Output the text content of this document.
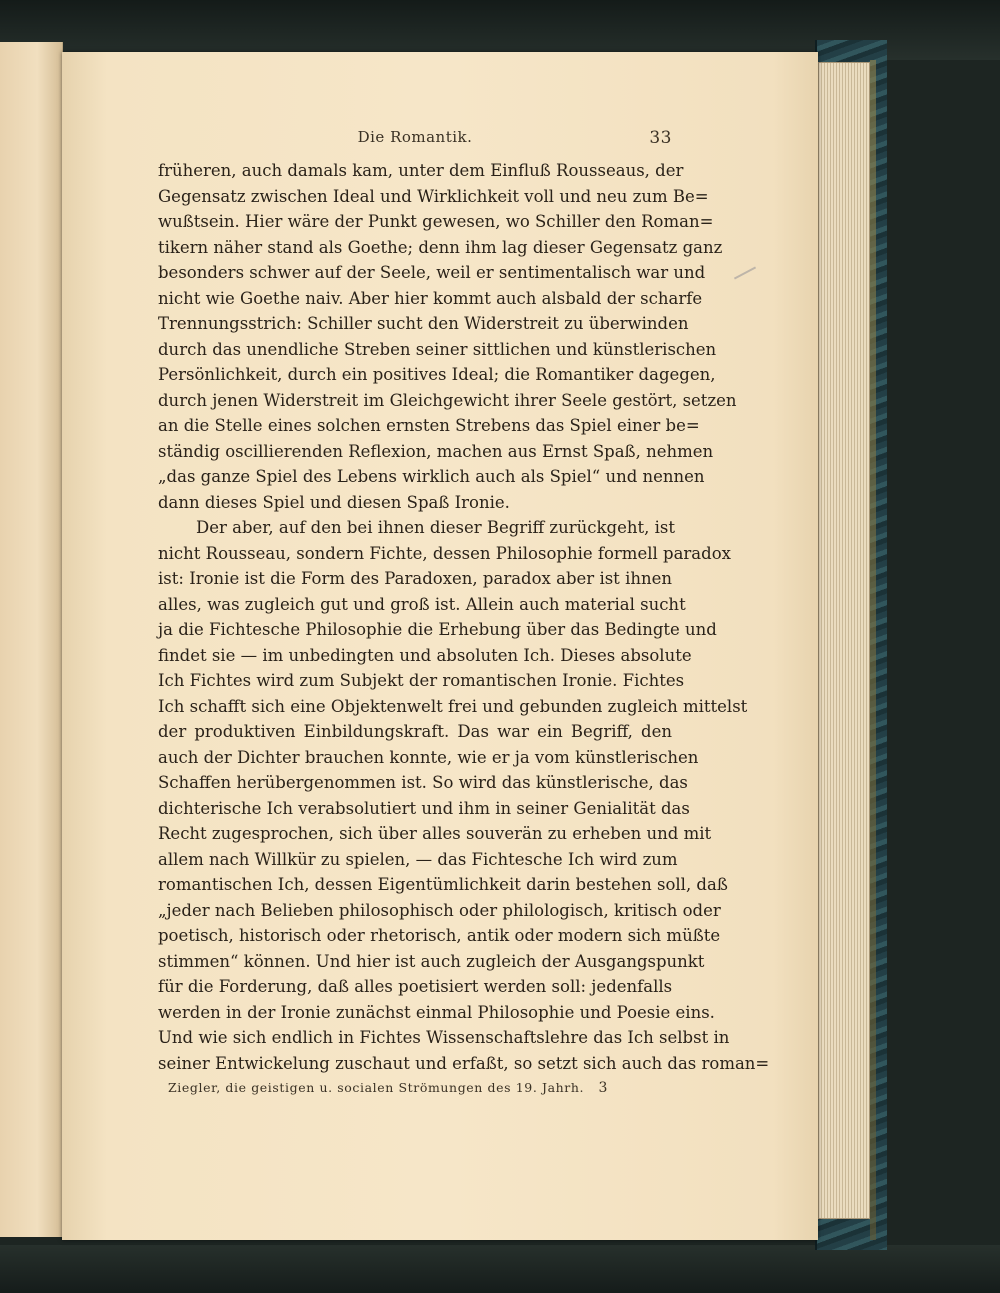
Die Romantik.	33
früheren, auch damals kam, unter dem Einfluß Rousseaus, der
Gegensatz zwischen Ideal und Wirklichkeit voll und neu zum Be=
wußtsein. Hier wäre der Punkt gewesen, wo Schiller den Roman=
tikern näher stand als Goethe; denn ihm lag dieser Gegensatz ganz
besonders schwer auf der Seele, weil er sentimentalisch war und
nicht wie Goethe naiv. Aber hier kommt auch alsbald der scharfe
Trennungsstrich: Schiller sucht den Widerstreit zu überwinden
durch das unendliche Streben seiner sittlichen und künstlerischen
Persönlichkeit, durch ein positives Ideal; die Romantiker dagegen,
durch jenen Widerstreit im Gleichgewicht ihrer Seele gestört, setzen
an die Stelle eines solchen ernsten Strebens das Spiel einer be=
ständig oscillierenden Reflexion, machen aus Ernst Spaß, nehmen
„das ganze Spiel des Lebens wirklich auch als Spiel“ und nennen
dann dieses Spiel und diesen Spaß Ironie.
Der aber, auf den bei ihnen dieser Begriff zurückgeht, ist
nicht Rousseau, sondern Fichte, dessen Philosophie formell paradox
ist: Ironie ist die Form des Paradoxen, paradox aber ist ihnen
alles, was zugleich gut und groß ist. Allein auch material sucht
ja die Fichtesche Philosophie die Erhebung über das Bedingte und
findet sie — im unbedingten und absoluten Ich. Dieses absolute
Ich Fichtes wird zum Subjekt der romantischen Ironie. Fichtes
Ich schafft sich eine Objektenwelt frei und gebunden zugleich mittelst
der produktiven Einbildungskraft. Das war ein Begriff, den
auch der Dichter brauchen konnte, wie er ja vom künstlerischen
Schaffen herübergenommen ist. So wird das künstlerische, das
dichterische Ich verabsolutiert und ihm in seiner Genialität das
Recht zugesprochen, sich über alles souverän zu erheben und mit
allem nach Willkür zu spielen, — das Fichtesche Ich wird zum
romantischen Ich, dessen Eigentümlichkeit darin bestehen soll, daß
„jeder nach Belieben philosophisch oder philologisch, kritisch oder
poetisch, historisch oder rhetorisch, antik oder modern sich müßte
stimmen“ können. Und hier ist auch zugleich der Ausgangspunkt
für die Forderung, daß alles poetisiert werden soll: jedenfalls
werden in der Ironie zunächst einmal Philosophie und Poesie eins.
Und wie sich endlich in Fichtes Wissenschaftslehre das Ich selbst in
seiner Entwickelung zuschaut und erfaßt, so setzt sich auch das roman=
Ziegler, die geistigen u. socialen Strömungen des 19. Jahrh. 3
